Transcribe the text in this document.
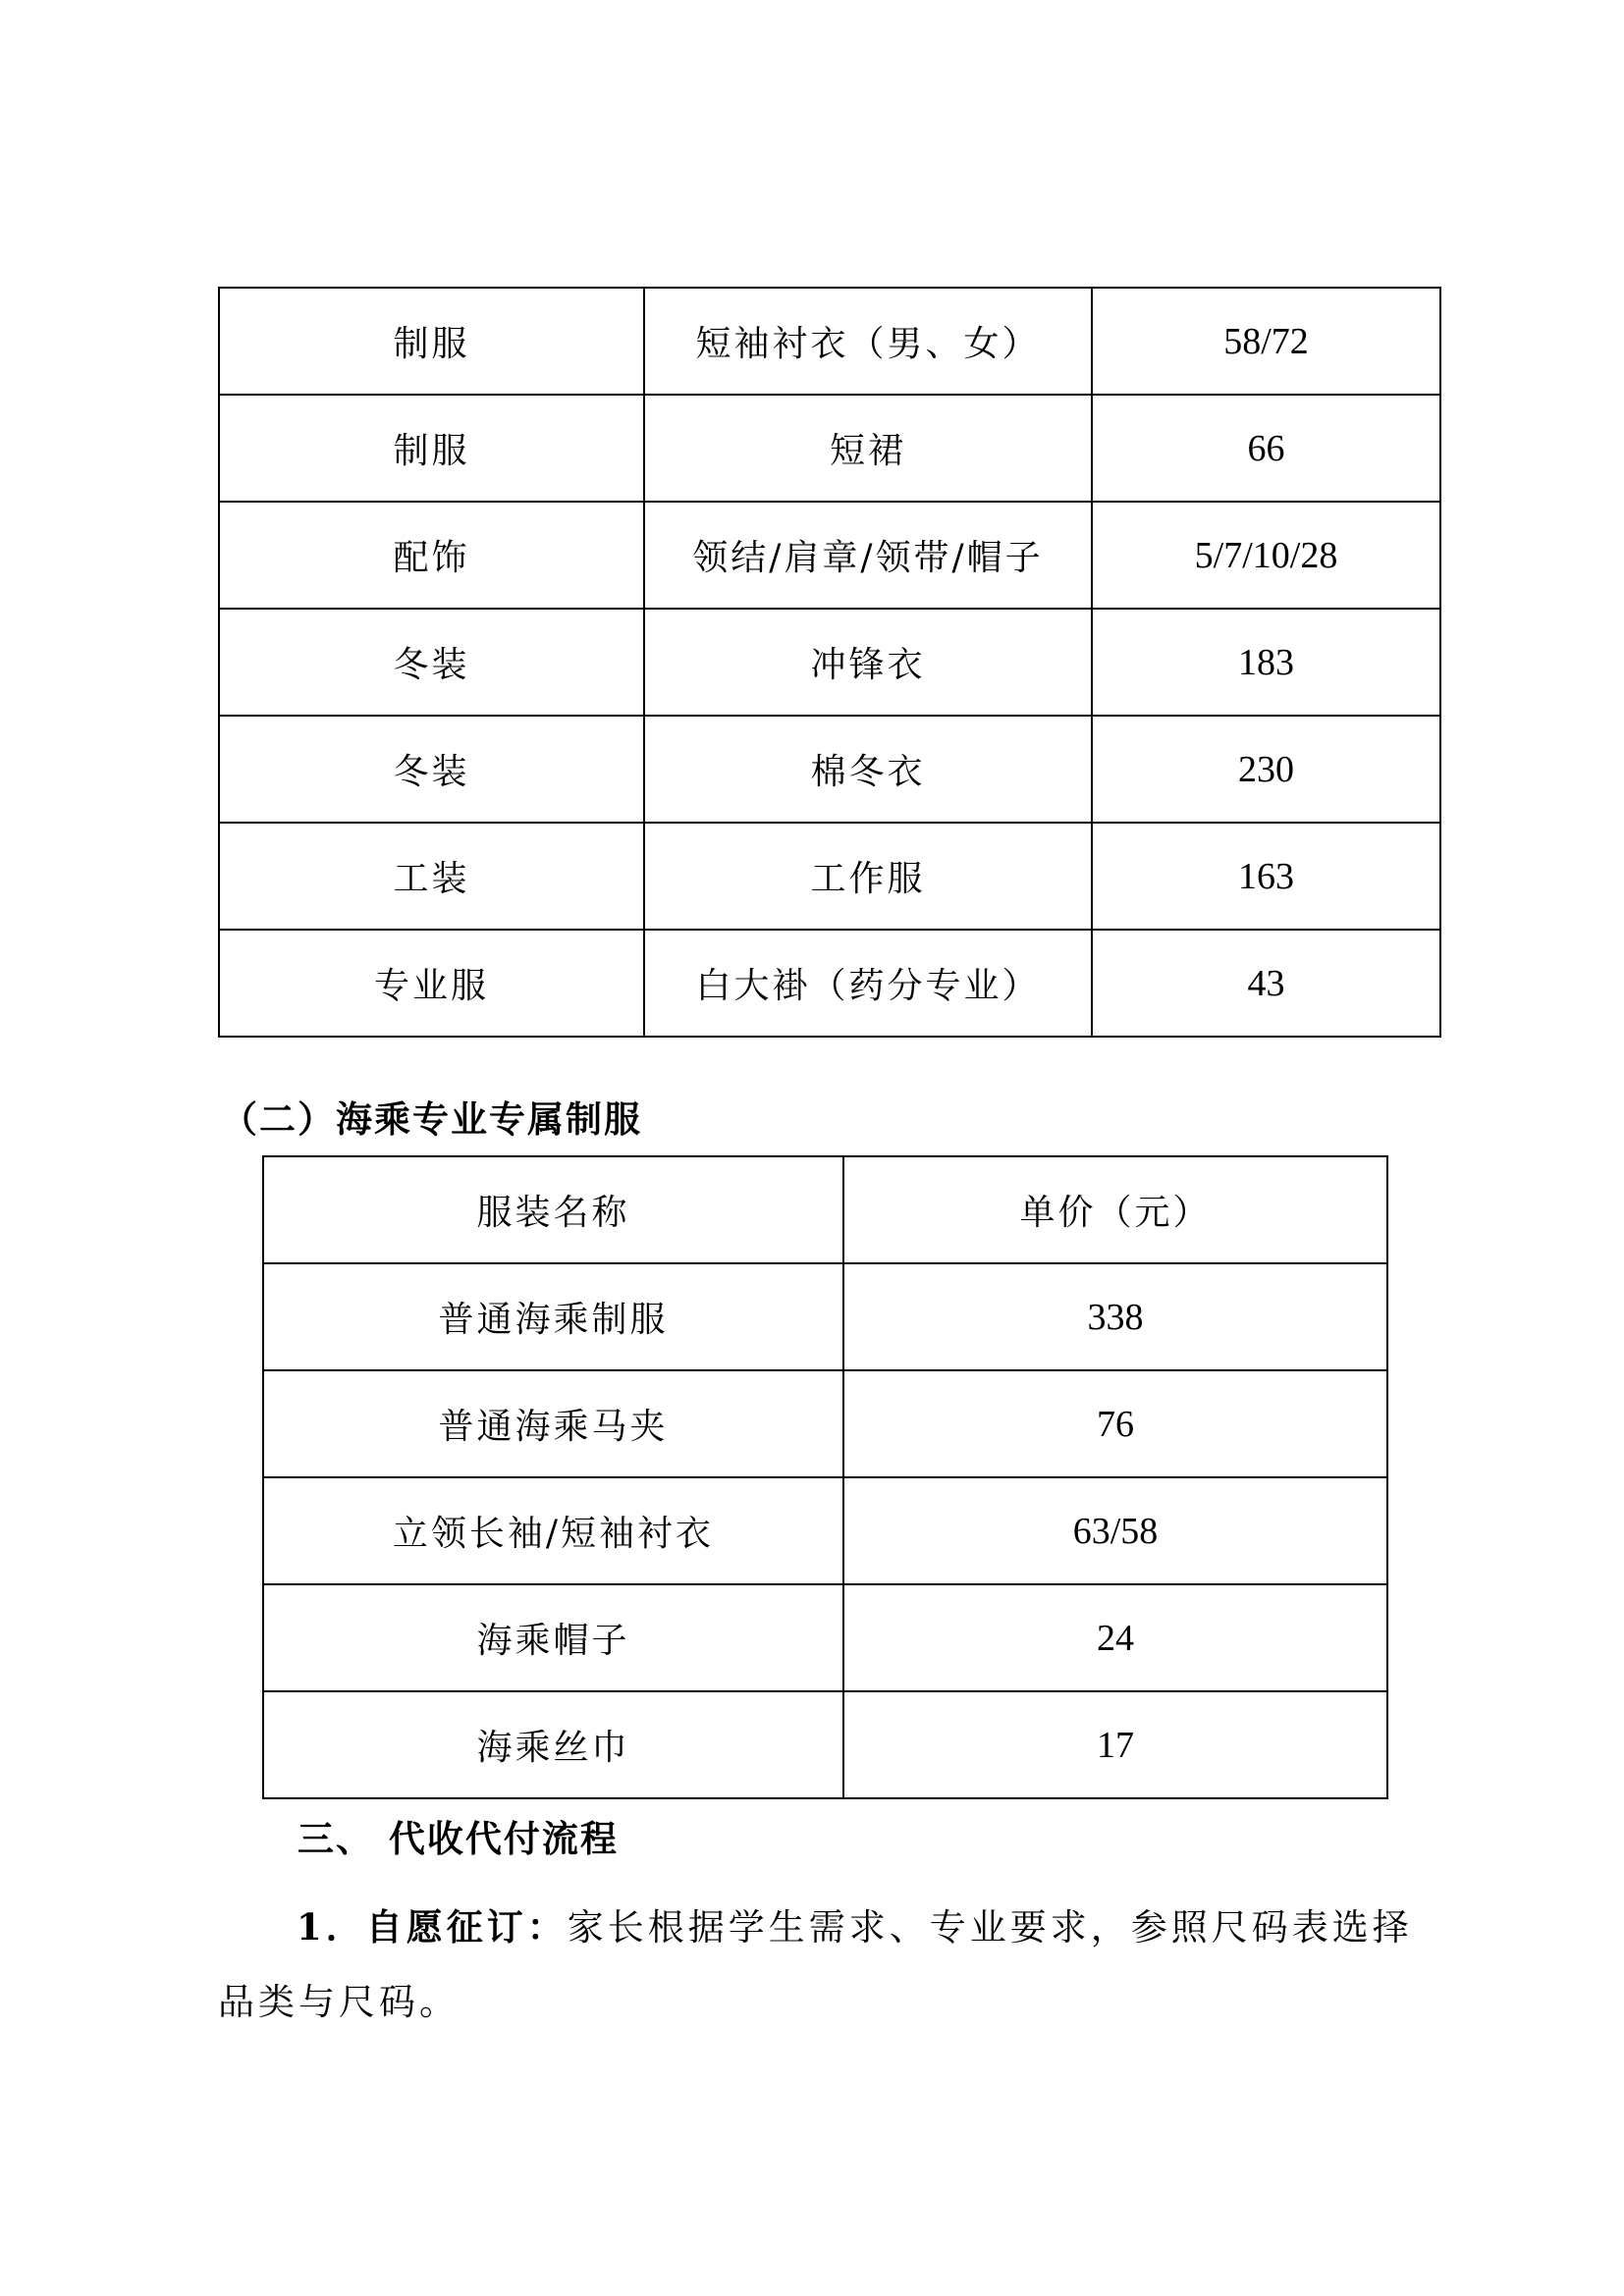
制服	短袖衬衣（男、女）	58/72
制服	短裙	66
配饰	领结/肩章/领带/帽子	5/7/10/28
冬装	冲锋衣	183
冬装	棉冬衣	230
工装	工作服	163
专业服	白大褂（药分专业）	43
（二）海乘专业专属制服
服装名称	单价（元）
普通海乘制服	338
普通海乘马夹	76
立领长袖/短袖衬衣	63/58
海乘帽子	24
海乘丝巾	17
三、 代收代付流程

1．自愿征订：家长根据学生需求、专业要求，参照尺码表选择品类与尺码。
